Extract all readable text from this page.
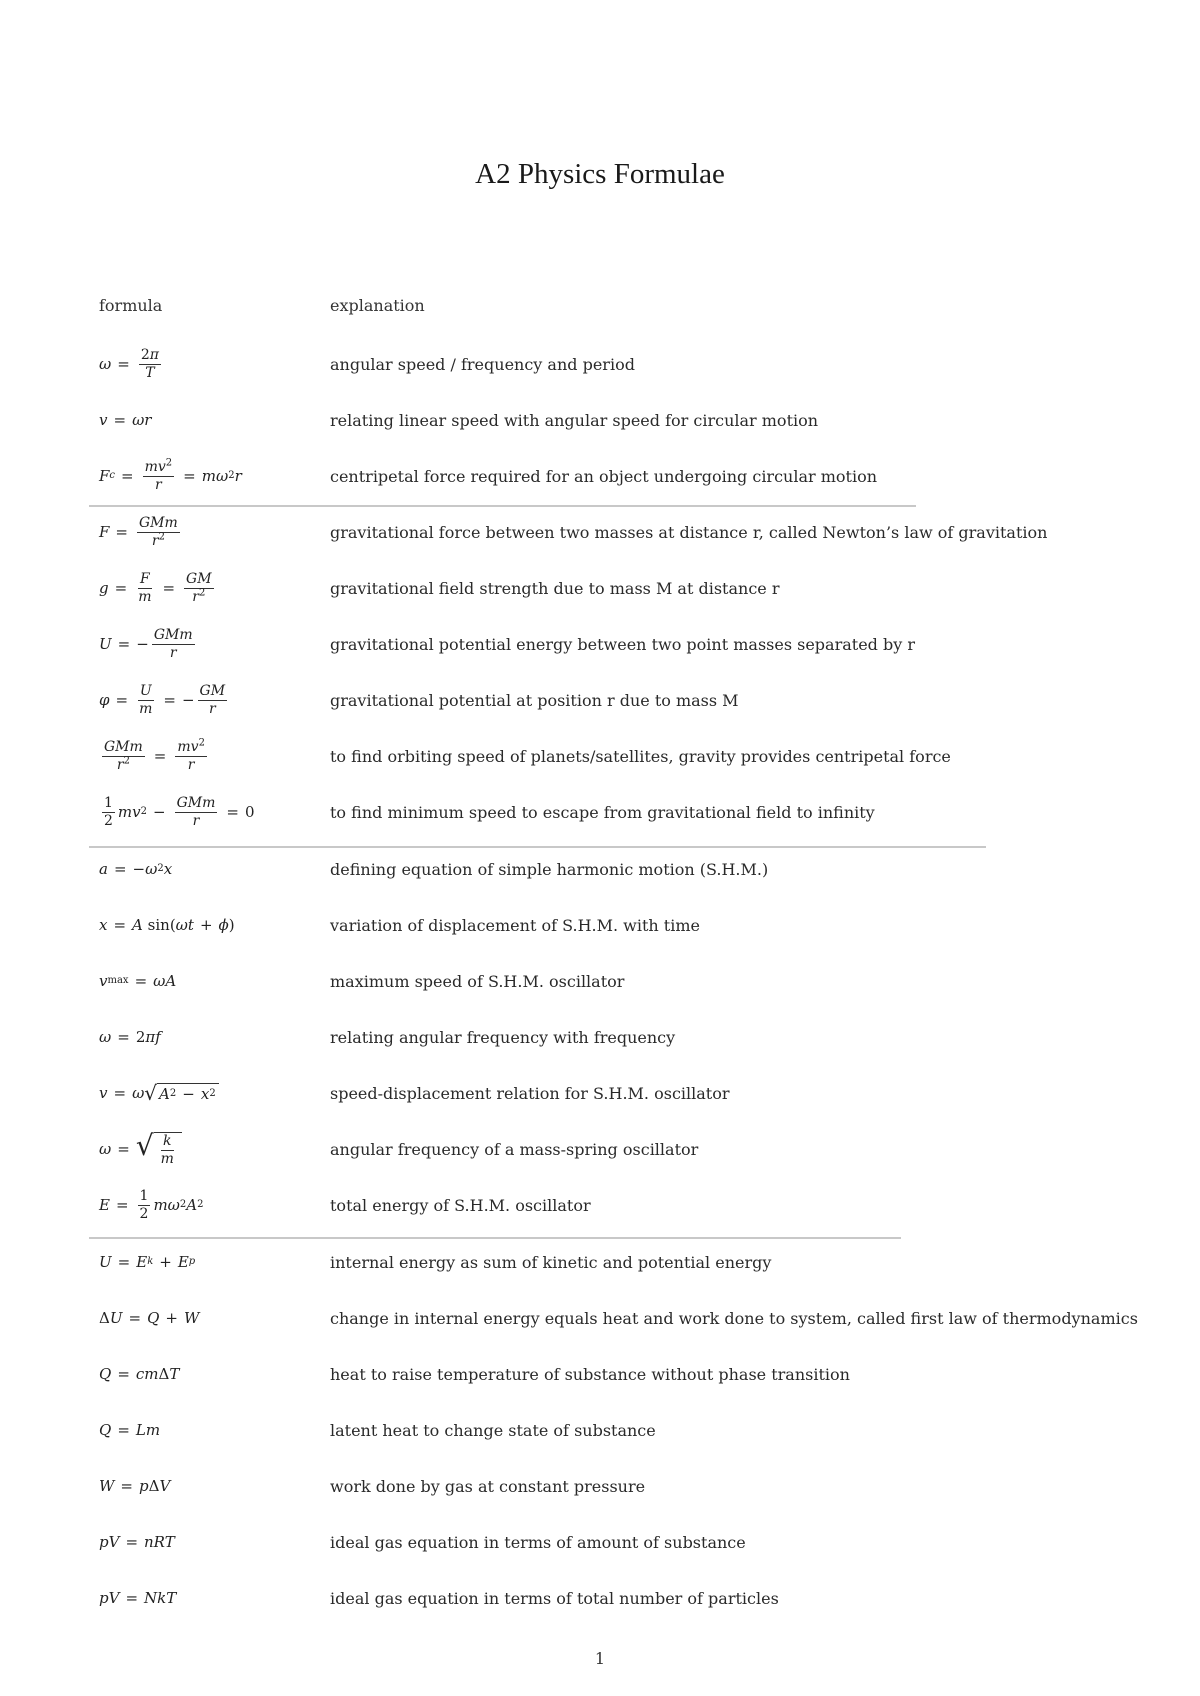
A2 Physics Formulae
formula	explanation
$\omega = \frac{2\pi}{T}$	angular speed / frequency and period
v = ωr	relating linear speed with angular speed for circular motion
F $c = \frac{mv^2}{r} = m\omega$ 2 r	centripetal force required for an object undergoing circular motion
$F = \frac{\text{GMm}}{r^2}$	gravitational force between two masses at distance r, called Newton’s law of gravitation
$g = \frac{F}{m} = \frac{GM}{r^2}$	gravitational field strength due to mass M at distance r
U = − $\frac{\text{GMm}}{r}$	gravitational potential energy between two point masses separated by r
$\varphi = \frac{U}{m}$ = − $\frac{GM}{r}$	gravitational potential at position r due to mass M
$\frac{\text{GMm}}{r^2} = \frac{mv^2}{r}$	to find orbiting speed of planets/satellites, gravity provides centripetal force
$\frac{1}{2}$ mv $2 - \frac{\text{GMm}}{r} = 0$	to find minimum speed to escape from gravitational field to infinity
a = − ω 2 x	defining equation of simple harmonic motion (S.H.M.)
x = A sin( ωt + ϕ )	variation of displacement of S.H.M. with time
v max = ωA	maximum speed of S.H.M. oscillator
ω = 2 πf	relating angular frequency with frequency
v = ω √ A 2 − x 2	speed-displacement relation for S.H.M. oscillator
ω = √ $\frac{k}{m}$	angular frequency of a mass-spring oscillator
$E = \frac{1}{2}$ mω 2 A 2	total energy of S.H.M. oscillator
U = E k + E p	internal energy as sum of kinetic and potential energy
Δ U = Q + W	change in internal energy equals heat and work done to system, called first law of thermodynamics
Q = cm Δ T	heat to raise temperature of substance without phase transition
Q = Lm	latent heat to change state of substance
W = p Δ V	work done by gas at constant pressure
pV = nRT	ideal gas equation in terms of amount of substance
pV = NkT	ideal gas equation in terms of total number of particles
1
